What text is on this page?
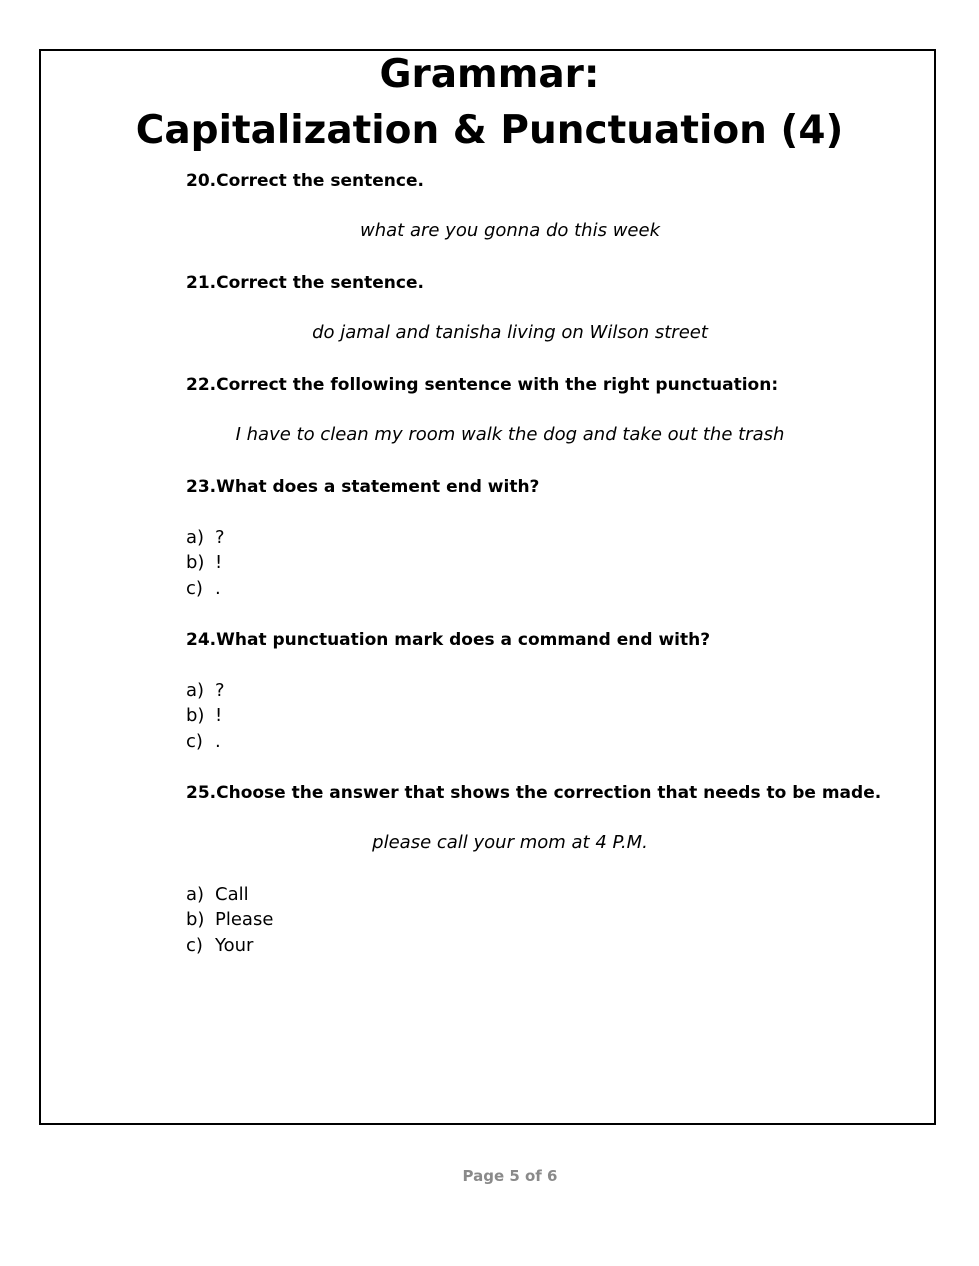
Grammar:
Capitalization & Punctuation (4)
20.Correct the sentence.
what are you gonna do this week
21.Correct the sentence.
do jamal and tanisha living on Wilson street
22.Correct the following sentence with the right punctuation:
I have to clean my room walk the dog and take out the trash
23.What does a statement end with?
a) ?
b) !
c) .
24.What punctuation mark does a command end with?
a) ?
b) !
c) .
25.Choose the answer that shows the correction that needs to be made.
please call your mom at 4 P.M.
a) Call
b) Please
c) Your
Page 5 of 6
